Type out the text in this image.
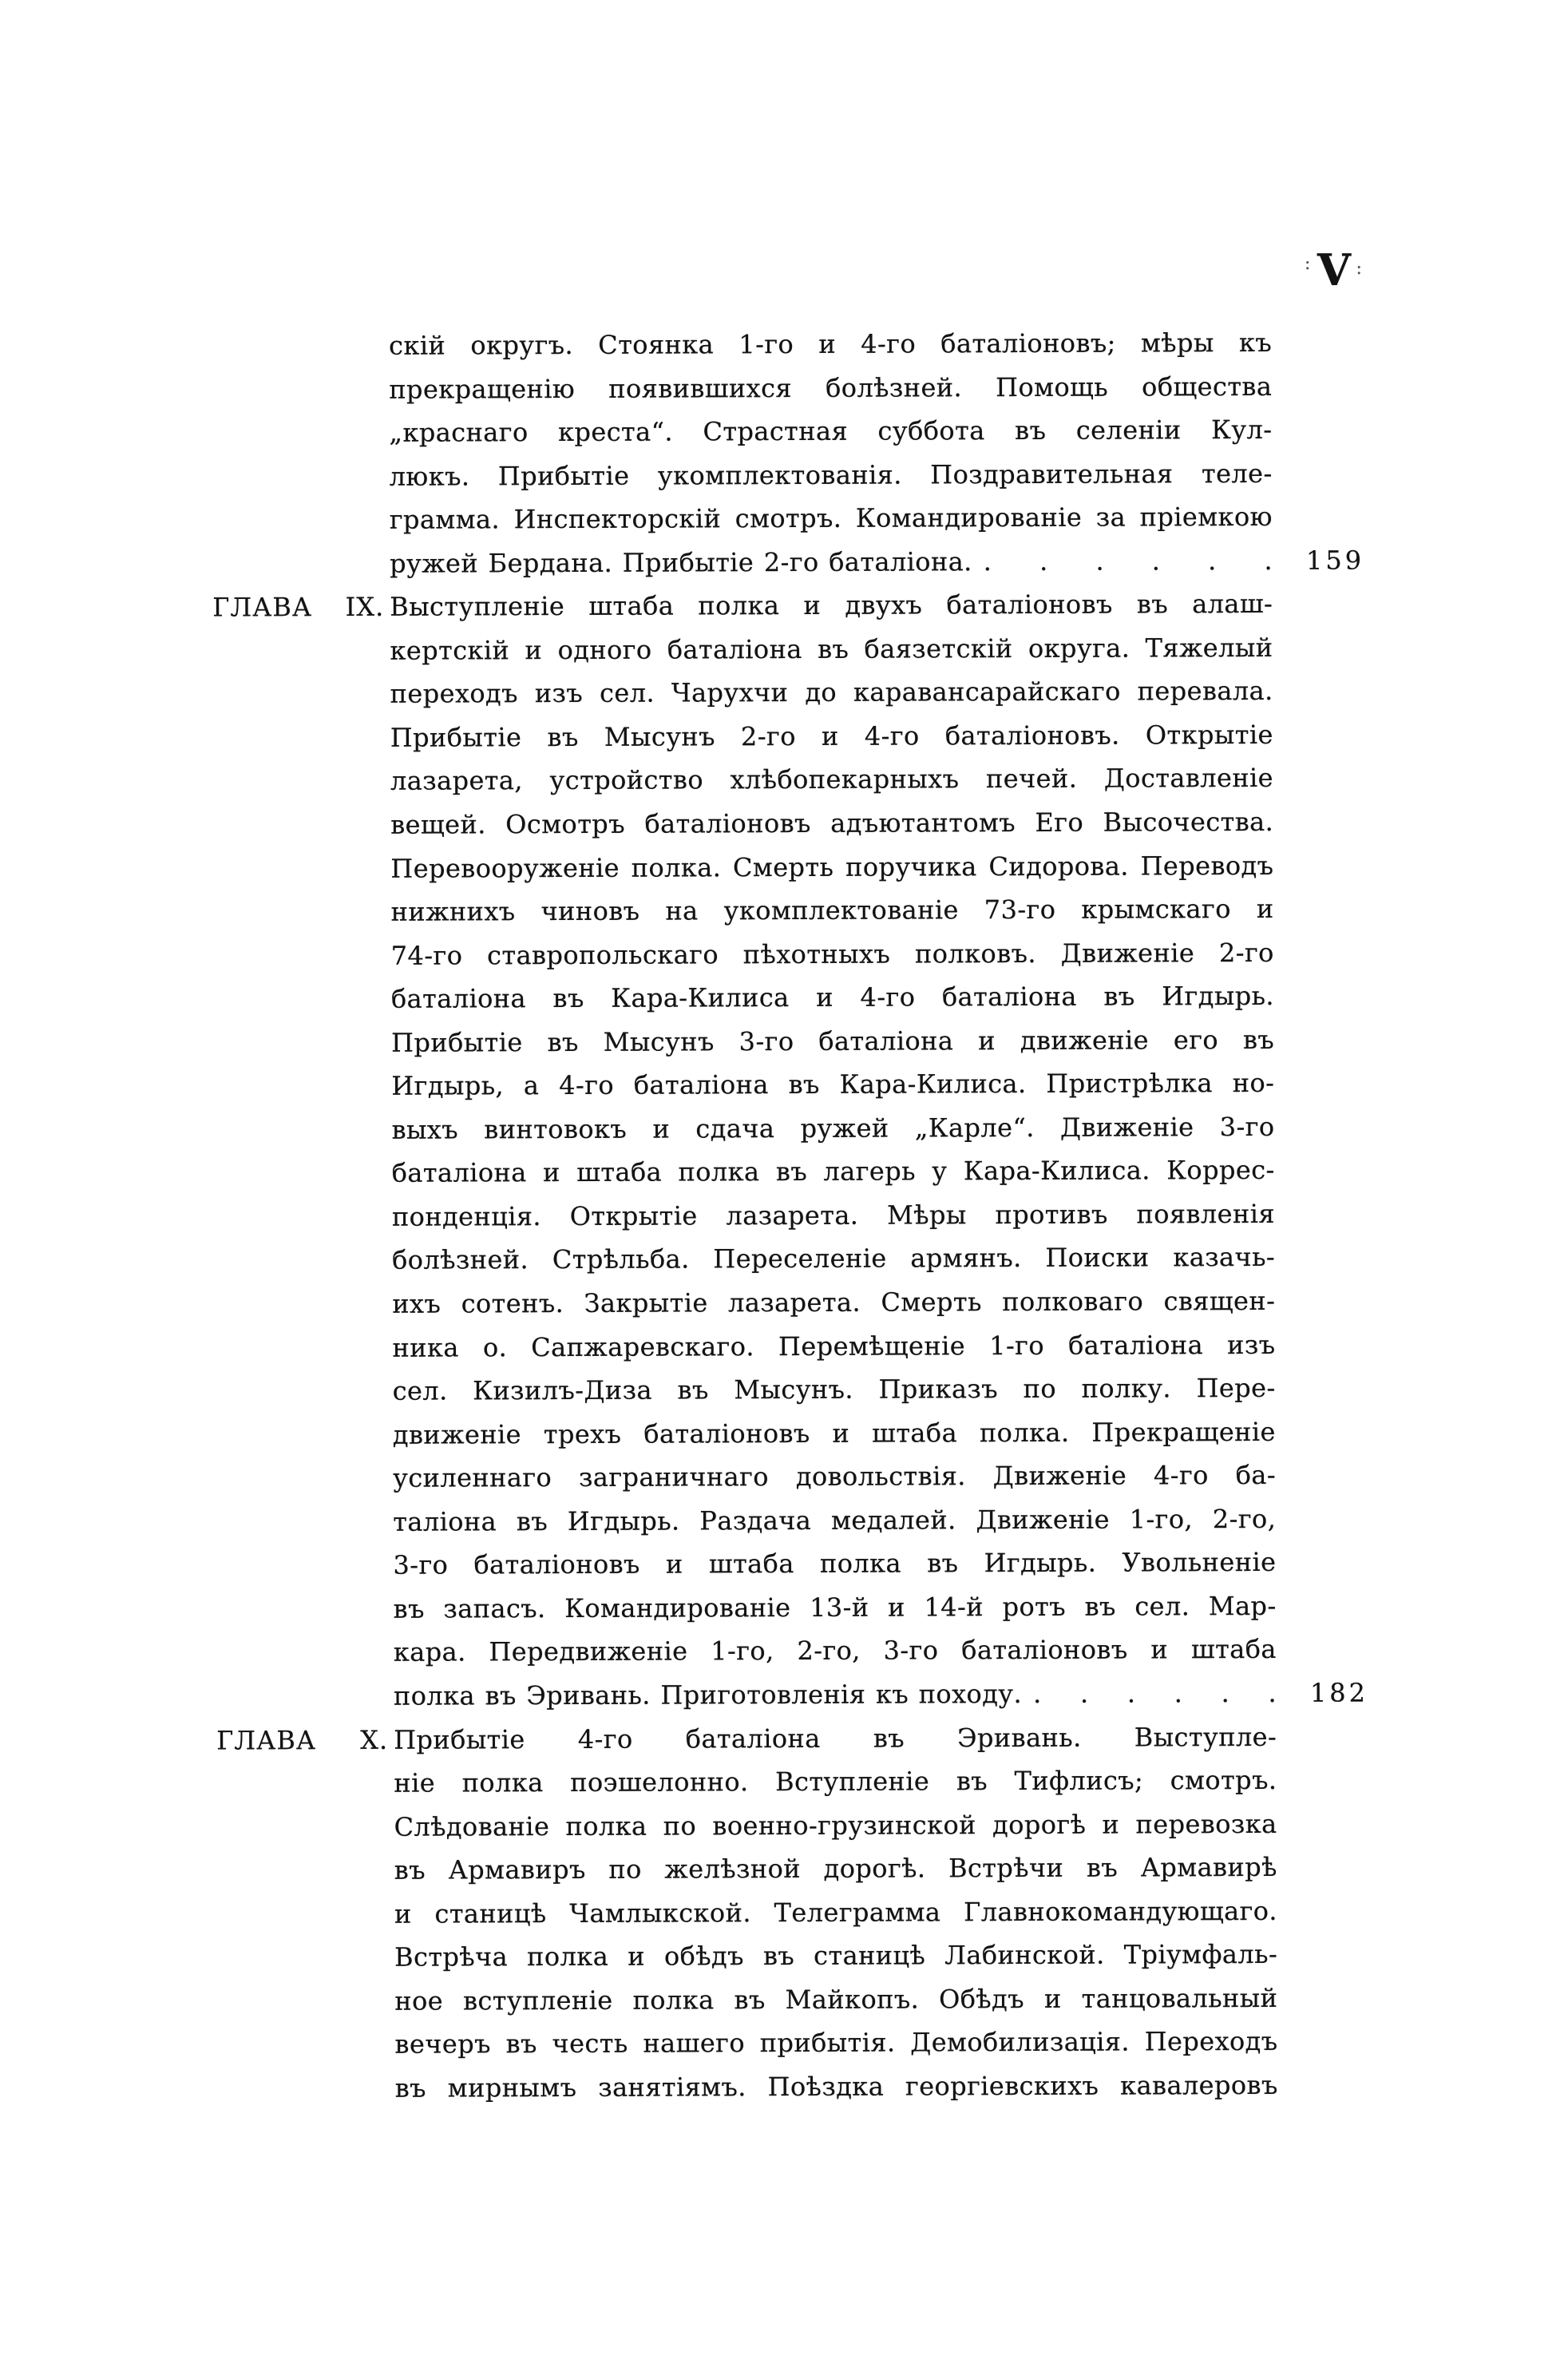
: V :
скій округъ. Стоянка 1-го и 4-го баталіоновъ; мѣры къ
прекращенію появившихся болѣзней. Помощь общества
„краснаго креста“. Страстная суббота въ селеніи Кул-
люкъ. Прибытіе укомплектованія. Поздравительная теле-
грамма. Инспекторскій смотръ. Командированіе за пріемкою
ружей Бердана. Прибытіе 2-го баталіона. . . . . . .	159
ГЛАВА IX. Выступленіе штаба полка и двухъ баталіоновъ въ алаш-
кертскій и одного баталіона въ баязетскій округа. Тяжелый
переходъ изъ сел. Чарухчи до каравансарайскаго перевала.
Прибытіе въ Мысунъ 2-го и 4-го баталіоновъ. Открытіе
лазарета, устройство хлѣбопекарныхъ печей. Доставленіе
вещей. Осмотръ баталіоновъ адъютантомъ Его Высочества.
Перевооруженіе полка. Смерть поручика Сидорова. Переводъ
нижнихъ чиновъ на укомплектованіе 73-го крымскаго и
74-го ставропольскаго пѣхотныхъ полковъ. Движеніе 2-го
баталіона въ Кара-Килиса и 4-го баталіона въ Игдырь.
Прибытіе въ Мысунъ 3-го баталіона и движеніе его въ
Игдырь, а 4-го баталіона въ Кара-Килиса. Пристрѣлка но-
выхъ винтовокъ и сдача ружей „Карле“. Движеніе 3-го
баталіона и штаба полка въ лагерь у Кара-Килиса. Коррес-
понденція. Открытіе лазарета. Мѣры противъ появленія
болѣзней. Стрѣльба. Переселеніе армянъ. Поиски казачь-
ихъ сотенъ. Закрытіе лазарета. Смерть полковаго священ-
ника о. Сапжаревскаго. Перемѣщеніе 1-го баталіона изъ
сел. Кизилъ-Диза въ Мысунъ. Приказъ по полку. Пере-
движеніе трехъ баталіоновъ и штаба полка. Прекращеніе
усиленнаго заграничнаго довольствія. Движеніе 4-го ба-
таліона въ Игдырь. Раздача медалей. Движеніе 1-го, 2-го,
3-го баталіоновъ и штаба полка въ Игдырь. Увольненіе
въ запасъ. Командированіе 13-й и 14-й ротъ въ сел. Мар-
кара. Передвиженіе 1-го, 2-го, 3-го баталіоновъ и штаба
полка въ Эривань. Приготовленія къ походу. . . . . . .	182
ГЛАВА X. Прибытіе 4-го баталіона въ Эривань. Выступле-
ніе полка поэшелонно. Вступленіе въ Тифлисъ; смотръ.
Слѣдованіе полка по военно-грузинской дорогѣ и перевозка
въ Армавиръ по желѣзной дорогѣ. Встрѣчи въ Армавирѣ
и станицѣ Чамлыкской. Телеграмма Главнокомандующаго.
Встрѣча полка и обѣдъ въ станицѣ Лабинской. Тріумфаль-
ное вступленіе полка въ Майкопъ. Обѣдъ и танцовальный
вечеръ въ честь нашего прибытія. Демобилизація. Переходъ
въ мирнымъ занятіямъ. Поѣздка георгіевскихъ кавалеровъ
